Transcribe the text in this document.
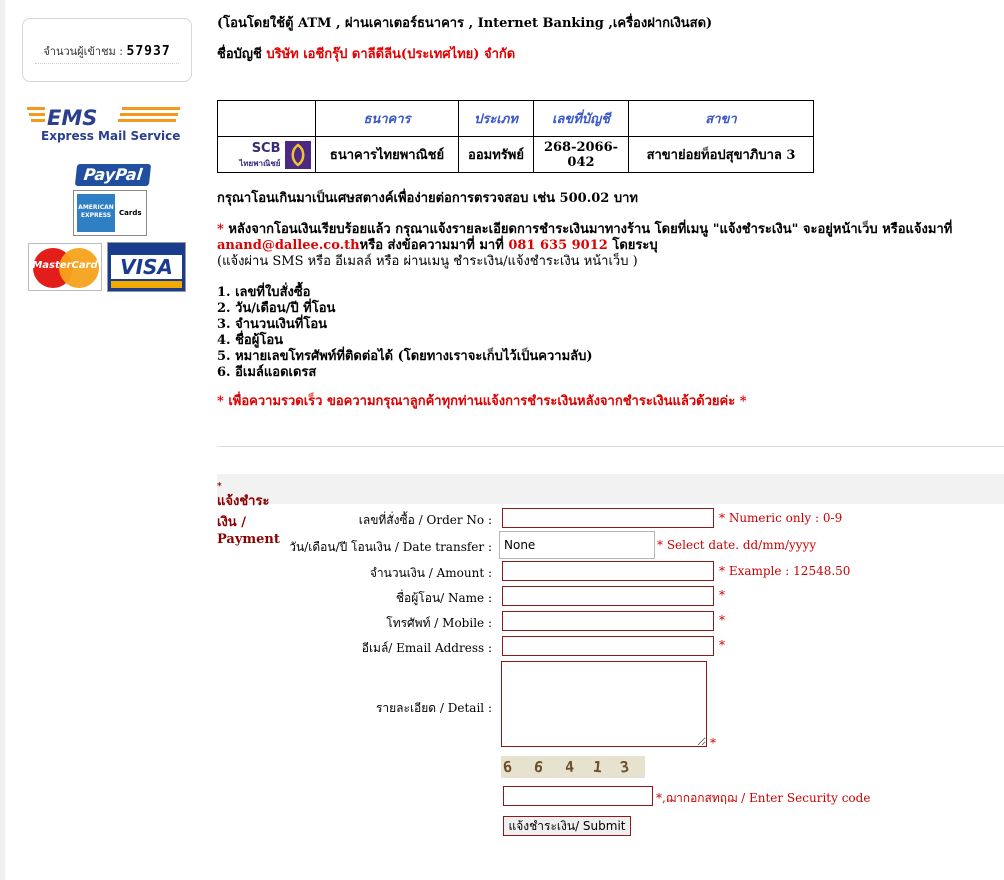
จำนวนผู้เข้าชม : 57937
EMS
Express Mail Service
PayPal
AMERICAN
EXPRESS	Cards
MasterCard	VISA
(โอนโดยใช้ตู้ ATM , ผ่านเคาเตอร์ธนาคาร , Internet Banking ,เครื่องฝากเงินสด)
ชื่อบัญชี บริษัท เอชีกรุ๊ป ดาลีดีลีน(ประเทศไทย) จำกัด
	ธนาคาร	ประเภท	เลขที่บัญชี	สาขา

SCB
ไทยพาณิชย์	ธนาคารไทยพาณิชย์	ออมทรัพย์	268-2066-042	สาขาย่อยท็อปสุขาภิบาล 3
กรุณาโอนเกินมาเป็นเศษสตางค์เพื่อง่ายต่อการตรวจสอบ เช่น 500.02 บาท
* หลังจากโอนเงินเรียบร้อยแล้ว กรุณาแจ้งรายละเอียดการชำระเงินมาทางร้าน โดยที่เมนู "แจ้งชำระเงิน" จะอยู่หน้าเว็บ หรือแจ้งมาที่
anand@dallee.co.thหรือ ส่งข้อความมาที่ มาที่ 081 635 9012 โดยระบุ
(แจ้งผ่าน SMS หรือ อีเมลล์ หรือ ผ่านเมนู ชำระเงิน/แจ้งชำระเงิน หน้าเว็บ )
1. เลขที่ใบสั่งซื้อ
2. วัน/เดือน/ปี ที่โอน
3. จำนวนเงินที่โอน
4. ชื่อผู้โอน
5. หมายเลขโทรศัพท์ที่ติดต่อได้ (โดยทางเราจะเก็บไว้เป็นความลับ)
6. อีเมล์แอดเดรส
* เพื่อความรวดเร็ว ขอความกรุณาลูกค้าทุกท่านแจ้งการชำระเงินหลังจากชำระเงินแล้วด้วยค่ะ *
*
แจ้งชำระเงิน / Payment
เลขที่สั่งซื้อ / Order No :	* Numeric only : 0-9
วัน/เดือน/ปี โอนเงิน / Date transfer :	None	* Select date. dd/mm/yyyy
จำนวนเงิน / Amount :	* Example : 12548.50
ชื่อผู้โอน/ Name :	*
โทรศัพท์ / Mobile :	*
อีเมล์/ Email Address :	*
รายละเอียด / Detail :
*
6 6 4 1 3
*,ฌากอกสทฤฌ / Enter Security code
แจ้งชำระเงิน/ Submit
